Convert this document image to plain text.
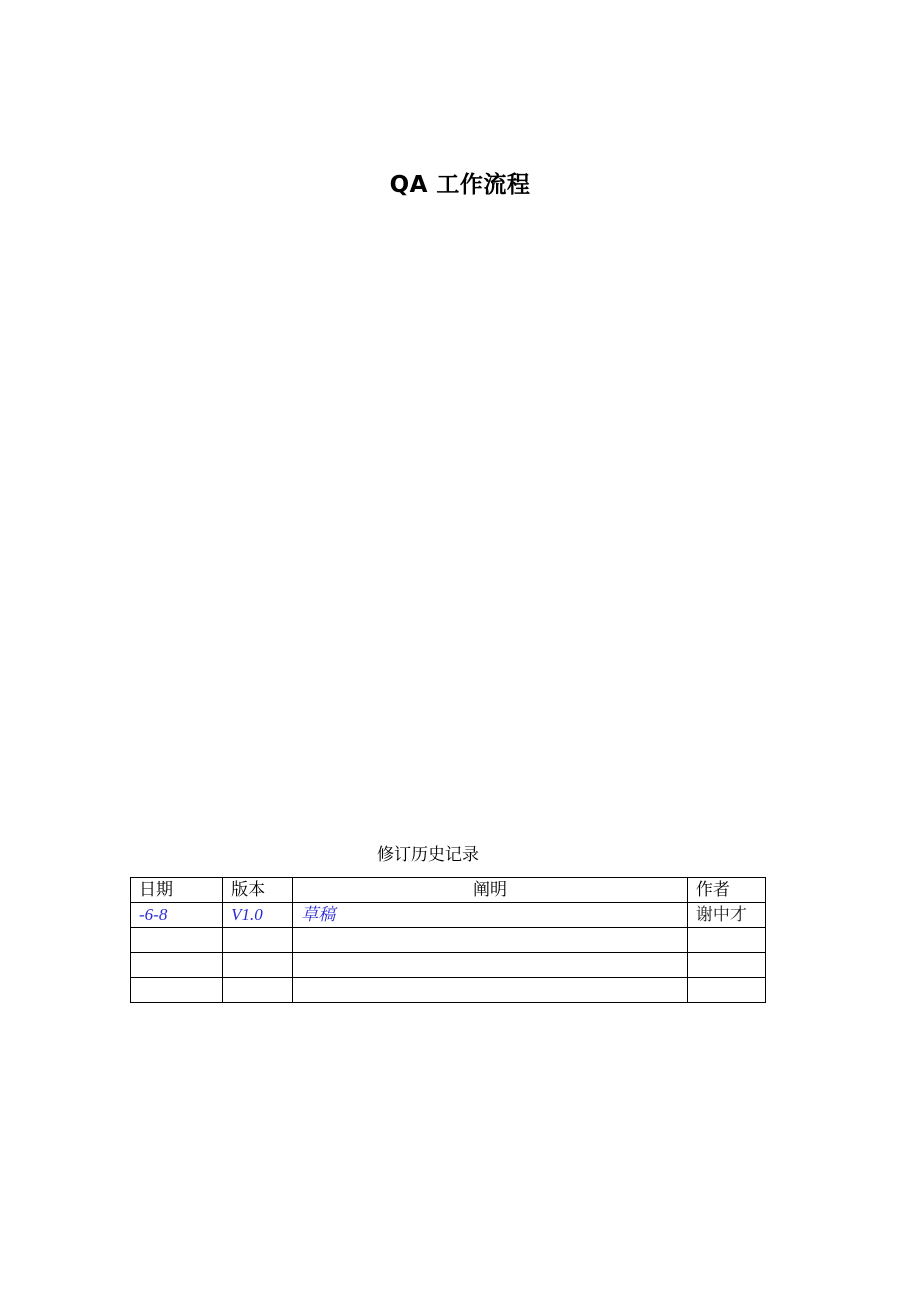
QA 工作流程
修订历史记录
日期	版本	阐明	作者
-6-8	V1.0	草稿	谢中才
